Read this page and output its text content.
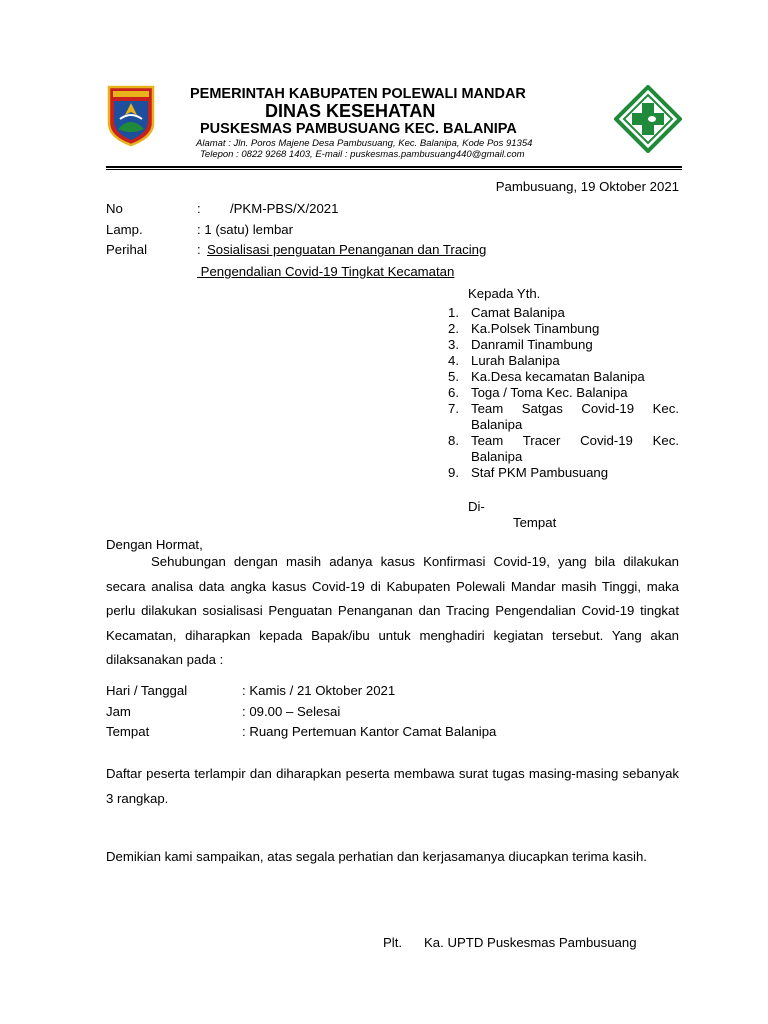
PEMERINTAH KABUPATEN POLEWALI MANDAR
DINAS KESEHATAN
PUSKESMAS PAMBUSUANG KEC. BALANIPA
Alamat : Jln. Poros Majene Desa Pambusuang, Kec. Balanipa, Kode Pos 91354
Telepon : 0822 9268 1403, E-mail : puskesmas.pambusuang440@gmail.com
Pambusuang, 19 Oktober 2021
No	:        /PKM-PBS/X/2021
Lamp.	: 1 (satu) lembar
Perihal	: Sosialisasi penguatan Penanganan dan Tracing
Pengendalian Covid-19 Tingkat Kecamatan
Kepada Yth.
1. Camat Balanipa
2. Ka.Polsek Tinambung
3. Danramil Tinambung
4. Lurah Balanipa
5. Ka.Desa kecamatan Balanipa
6. Toga / Toma Kec. Balanipa
7. Team Satgas Covid-19 Kec. Balanipa
8. Team Tracer Covid-19 Kec. Balanipa
9. Staf PKM Pambusuang
Di-
Tempat
Dengan Hormat,

Sehubungan dengan masih adanya kasus Konfirmasi Covid-19, yang bila dilakukan secara analisa data angka kasus Covid-19 di Kabupaten Polewali Mandar masih Tinggi, maka perlu dilakukan sosialisasi Penguatan Penanganan dan Tracing Pengendalian Covid-19 tingkat Kecamatan, diharapkan kepada Bapak/ibu untuk menghadiri kegiatan tersebut. Yang akan dilaksanakan pada :

Hari / Tanggal	: Kamis / 21 Oktober 2021
Jam	: 09.00 – Selesai
Tempat	: Ruang Pertemuan Kantor Camat Balanipa

Daftar peserta terlampir dan diharapkan peserta membawa surat tugas masing-masing sebanyak 3 rangkap.

Demikian kami sampaikan, atas segala perhatian dan kerjasamanya diucapkan terima kasih.

Plt. Ka. UPTD Puskesmas Pambusuang
